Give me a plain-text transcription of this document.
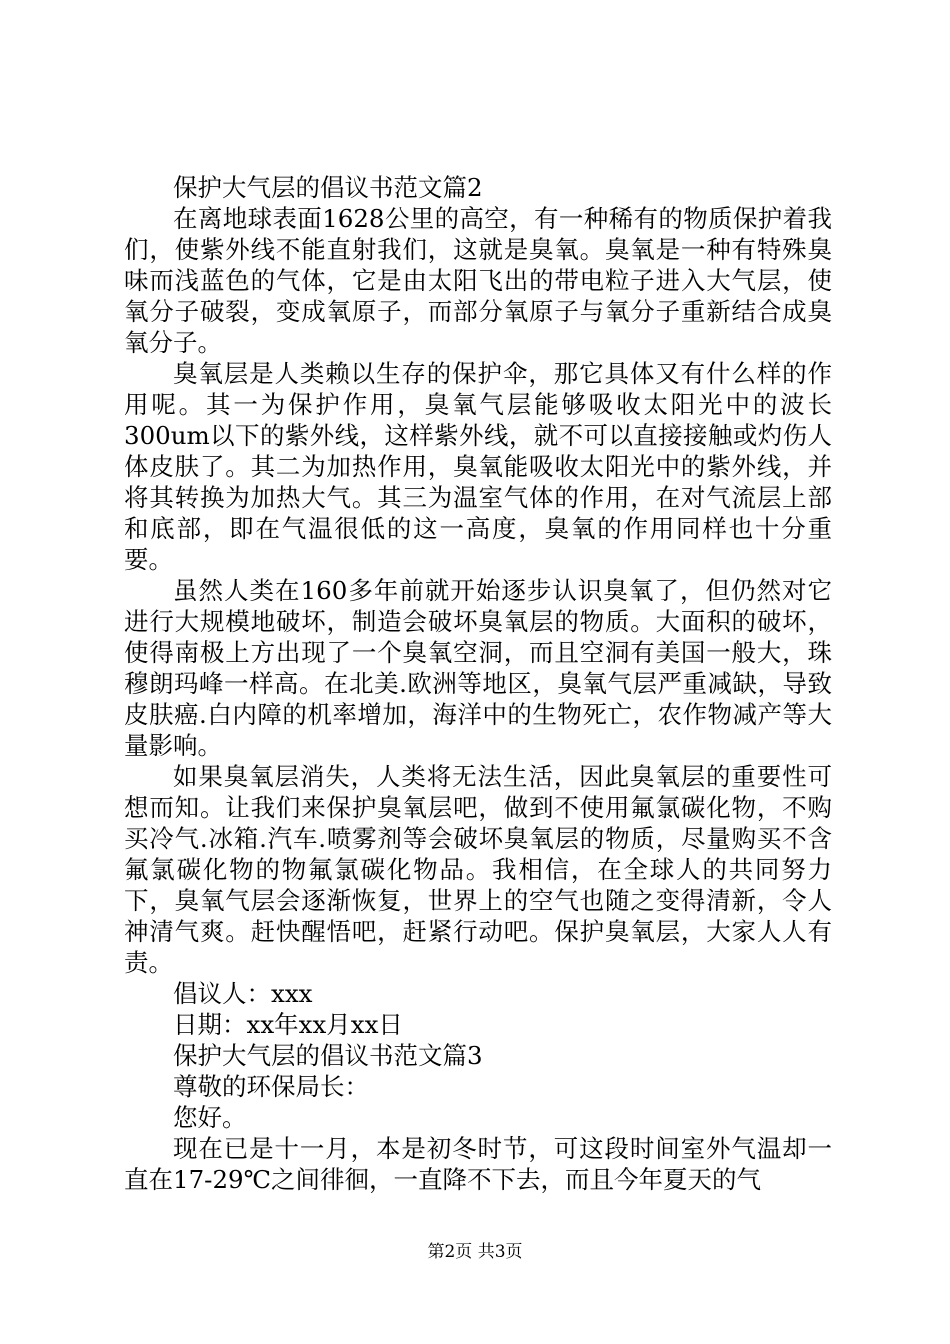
保护大气层的倡议书范文篇2

在离地球表面1628公里的高空，有一种稀有的物质保护着我们，使紫外线不能直射我们，这就是臭氧。臭氧是一种有特殊臭味而浅蓝色的气体，它是由太阳飞出的带电粒子进入大气层，使氧分子破裂，变成氧原子，而部分氧原子与氧分子重新结合成臭氧分子。

臭氧层是人类赖以生存的保护伞，那它具体又有什么样的作用呢。其一为保护作用，臭氧气层能够吸收太阳光中的波长300um以下的紫外线，这样紫外线，就不可以直接接触或灼伤人体皮肤了。其二为加热作用，臭氧能吸收太阳光中的紫外线，并将其转换为加热大气。其三为温室气体的作用，在对气流层上部和底部，即在气温很低的这一高度，臭氧的作用同样也十分重要。

虽然人类在160多年前就开始逐步认识臭氧了，但仍然对它进行大规模地破坏，制造会破坏臭氧层的物质。大面积的破坏，使得南极上方出现了一个臭氧空洞，而且空洞有美国一般大，珠穆朗玛峰一样高。在北美.欧洲等地区，臭氧气层严重减缺，导致皮肤癌.白内障的机率增加，海洋中的生物死亡，农作物减产等大量影响。

如果臭氧层消失，人类将无法生活，因此臭氧层的重要性可想而知。让我们来保护臭氧层吧，做到不使用氟氯碳化物，不购买冷气.冰箱.汽车.喷雾剂等会破坏臭氧层的物质，尽量购买不含氟氯碳化物的物氟氯碳化物品。我相信，在全球人的共同努力下，臭氧气层会逐渐恢复，世界上的空气也随之变得清新，令人神清气爽。赶快醒悟吧，赶紧行动吧。保护臭氧层，大家人人有责。

倡议人：xxx

日期：xx年xx月xx日

保护大气层的倡议书范文篇3

尊敬的环保局长：

您好。

现在已是十一月，本是初冬时节，可这段时间室外气温却一直在17-29℃之间徘徊，一直降不下去，而且今年夏天的气

第2页 共3页
